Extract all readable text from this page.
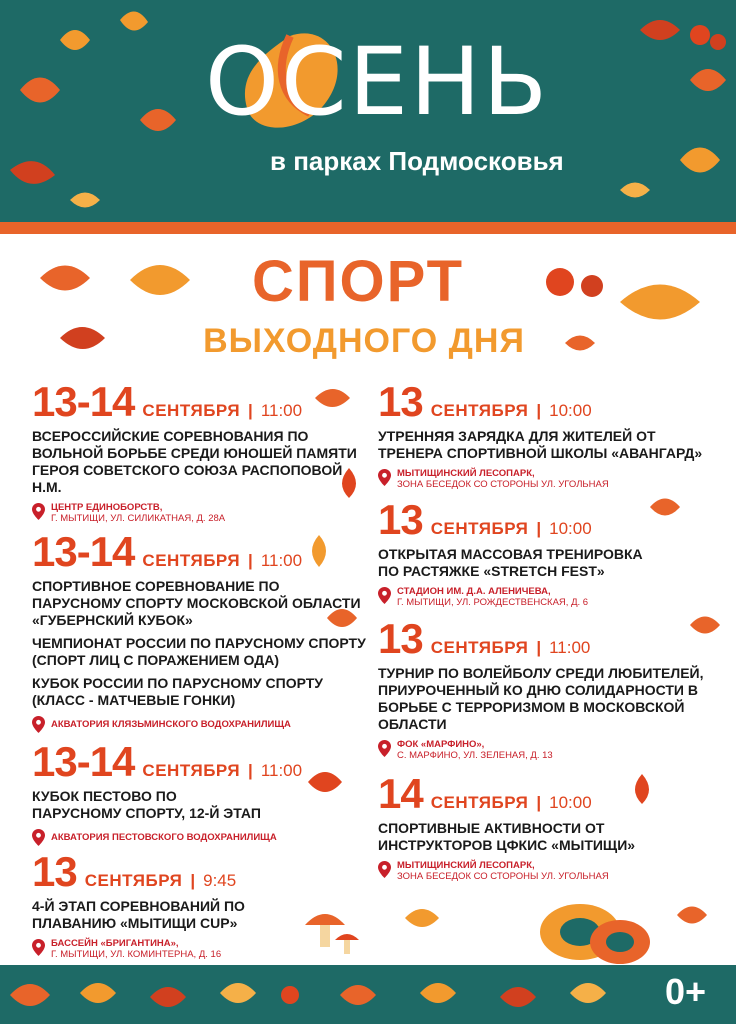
ОСЕНЬ
в парках Подмосковья
СПОРТ
ВЫХОДНОГО ДНЯ
13-14 СЕНТЯБРЯ | 11:00
ВСЕРОССИЙСКИЕ СОРЕВНОВАНИЯ ПО ВОЛЬНОЙ БОРЬБЕ СРЕДИ ЮНОШЕЙ ПАМЯТИ ГЕРОЯ СОВЕТСКОГО СОЮЗА РАСПОПОВОЙ Н.М.
ЦЕНТР ЕДИНОБОРСТВ,
Г. МЫТИЩИ, УЛ. СИЛИКАТНАЯ, Д. 28А
13-14 СЕНТЯБРЯ | 11:00
СПОРТИВНОЕ СОРЕВНОВАНИЕ ПО ПАРУСНОМУ СПОРТУ МОСКОВСКОЙ ОБЛАСТИ «ГУБЕРНСКИЙ КУБОК»
ЧЕМПИОНАТ РОССИИ ПО ПАРУСНОМУ СПОРТУ (СПОРТ ЛИЦ С ПОРАЖЕНИЕМ ОДА)
КУБОК РОССИИ ПО ПАРУСНОМУ СПОРТУ (КЛАСС - МАТЧЕВЫЕ ГОНКИ)
АКВАТОРИЯ КЛЯЗЬМИНСКОГО ВОДОХРАНИЛИЩА
13-14 СЕНТЯБРЯ | 11:00
КУБОК ПЕСТОВО ПО ПАРУСНОМУ СПОРТУ, 12-Й ЭТАП
АКВАТОРИЯ ПЕСТОВСКОГО ВОДОХРАНИЛИЩА
13 СЕНТЯБРЯ | 9:45
4-Й ЭТАП СОРЕВНОВАНИЙ ПО ПЛАВАНИЮ «МЫТИЩИ CUP»
БАССЕЙН «БРИГАНТИНА»,
Г. МЫТИЩИ, УЛ. КОМИНТЕРНА, Д. 16
13 СЕНТЯБРЯ | 10:00
УТРЕННЯЯ ЗАРЯДКА ДЛЯ ЖИТЕЛЕЙ ОТ ТРЕНЕРА СПОРТИВНОЙ ШКОЛЫ «АВАНГАРД»
МЫТИЩИНСКИЙ ЛЕСОПАРК,
ЗОНА БЕСЕДОК СО СТОРОНЫ УЛ. УГОЛЬНАЯ
13 СЕНТЯБРЯ | 10:00
ОТКРЫТАЯ МАССОВАЯ ТРЕНИРОВКА ПО РАСТЯЖКЕ «STRETCH FEST»
СТАДИОН ИМ. Д.А. АЛЕНИЧЕВА,
Г. МЫТИЩИ, УЛ. РОЖДЕСТВЕНСКАЯ, Д. 6
13 СЕНТЯБРЯ | 11:00
ТУРНИР ПО ВОЛЕЙБОЛУ СРЕДИ ЛЮБИТЕЛЕЙ, ПРИУРОЧЕННЫЙ КО ДНЮ СОЛИДАРНОСТИ В БОРЬБЕ С ТЕРРОРИЗМОМ В МОСКОВСКОЙ ОБЛАСТИ
ФОК «МАРФИНО»,
С. МАРФИНО, УЛ. ЗЕЛЕНАЯ, Д. 13
14 СЕНТЯБРЯ | 10:00
СПОРТИВНЫЕ АКТИВНОСТИ ОТ ИНСТРУКТОРОВ ЦФКИС «МЫТИЩИ»
МЫТИЩИНСКИЙ ЛЕСОПАРК,
ЗОНА БЕСЕДОК СО СТОРОНЫ УЛ. УГОЛЬНАЯ
0+
